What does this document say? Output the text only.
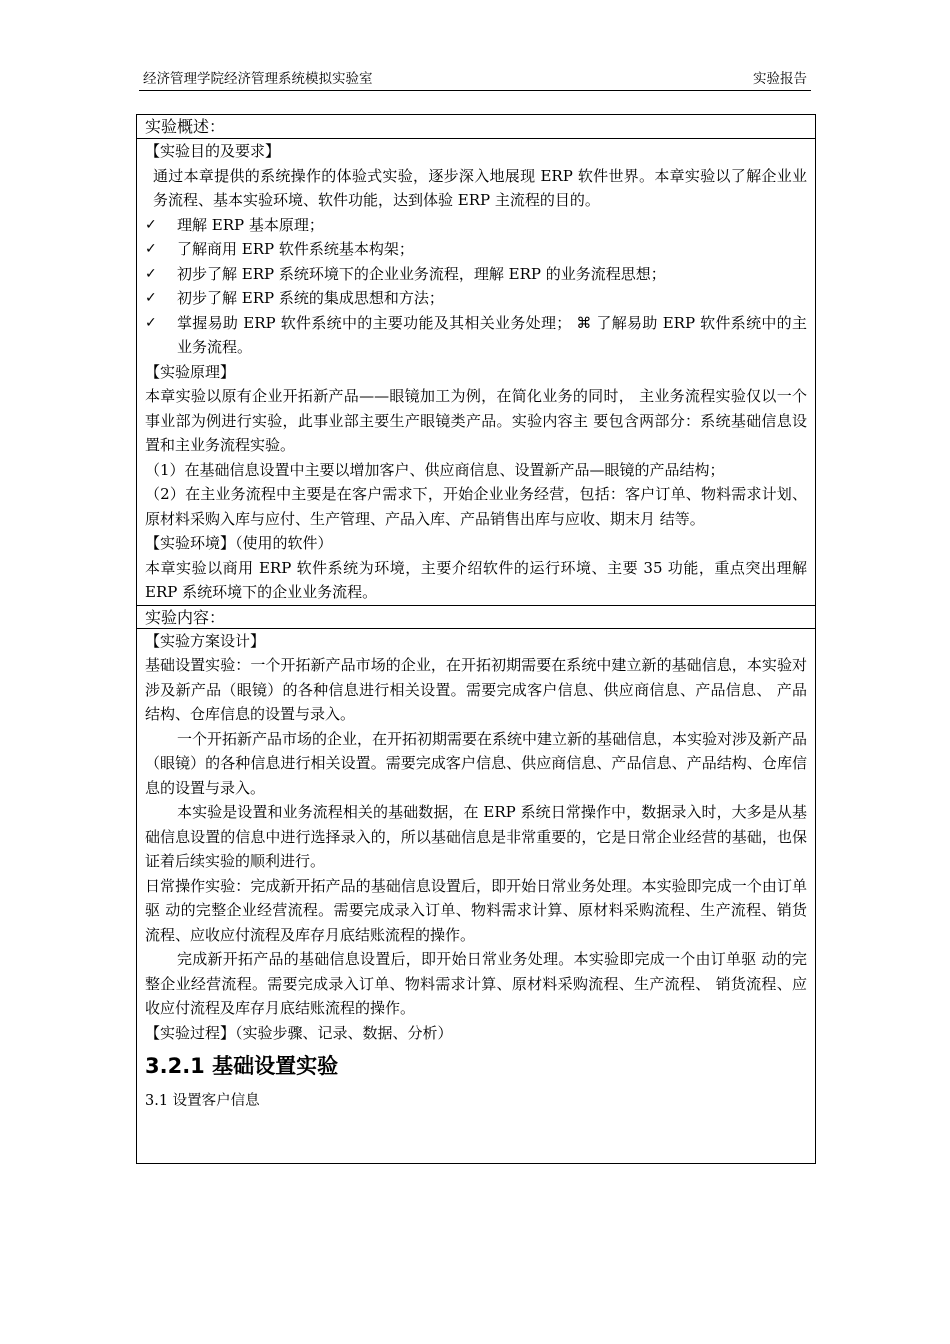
经济管理学院经济管理系统模拟实验室	实验报告
实验概述：

【实验目的及要求】

通过本章提供的系统操作的体验式实验，逐步深入地展现 ERP 软件世界。本章实验以了解企业业务流程、基本实验环境、软件功能，达到体验 ERP 主流程的目的。

✓	理解 ERP 基本原理；
✓	了解商用 ERP 软件系统基本构架；
✓	初步了解 ERP 系统环境下的企业业务流程，理解 ERP 的业务流程思想；
✓	初步了解 ERP 系统的集成思想和方法；
✓	掌握易助 ERP 软件系统中的主要功能及其相关业务处理； ⌘ 了解易助 ERP 软件系统中的主业务流程。

【实验原理】

本章实验以原有企业开拓新产品——眼镜加工为例，在简化业务的同时， 主业务流程实验仅以一个事业部为例进行实验，此事业部主要生产眼镜类产品。实验内容主 要包含两部分：系统基础信息设置和主业务流程实验。

（1）在基础信息设置中主要以增加客户、供应商信息、设置新产品—眼镜的产品结构；

（2）在主业务流程中主要是在客户需求下，开始企业业务经营，包括：客户订单、物料需求计划、原材料采购入库与应付、生产管理、产品入库、产品销售出库与应收、期末月 结等。

【实验环境】（使用的软件）

本章实验以商用 ERP 软件系统为环境，主要介绍软件的运行环境、主要 35 功能，重点突出理解 ERP 系统环境下的企业业务流程。

实验内容：

【实验方案设计】

基础设置实验：一个开拓新产品市场的企业，在开拓初期需要在系统中建立新的基础信息，本实验对涉及新产品（眼镜）的各种信息进行相关设置。需要完成客户信息、供应商信息、产品信息、 产品结构、仓库信息的设置与录入。

一个开拓新产品市场的企业，在开拓初期需要在系统中建立新的基础信息，本实验对涉及新产品（眼镜）的各种信息进行相关设置。需要完成客户信息、供应商信息、产品信息、产品结构、仓库信息的设置与录入。

本实验是设置和业务流程相关的基础数据，在 ERP 系统日常操作中，数据录入时，大多是从基础信息设置的信息中进行选择录入的，所以基础信息是非常重要的，它是日常企业经营的基础，也保证着后续实验的顺利进行。

日常操作实验：完成新开拓产品的基础信息设置后，即开始日常业务处理。本实验即完成一个由订单驱 动的完整企业经营流程。需要完成录入订单、物料需求计算、原材料采购流程、生产流程、销货流程、应收应付流程及库存月底结账流程的操作。

完成新开拓产品的基础信息设置后，即开始日常业务处理。本实验即完成一个由订单驱 动的完整企业经营流程。需要完成录入订单、物料需求计算、原材料采购流程、生产流程、 销货流程、应收应付流程及库存月底结账流程的操作。

【实验过程】（实验步骤、记录、数据、分析）

3.2.1 基础设置实验

3.1 设置客户信息
